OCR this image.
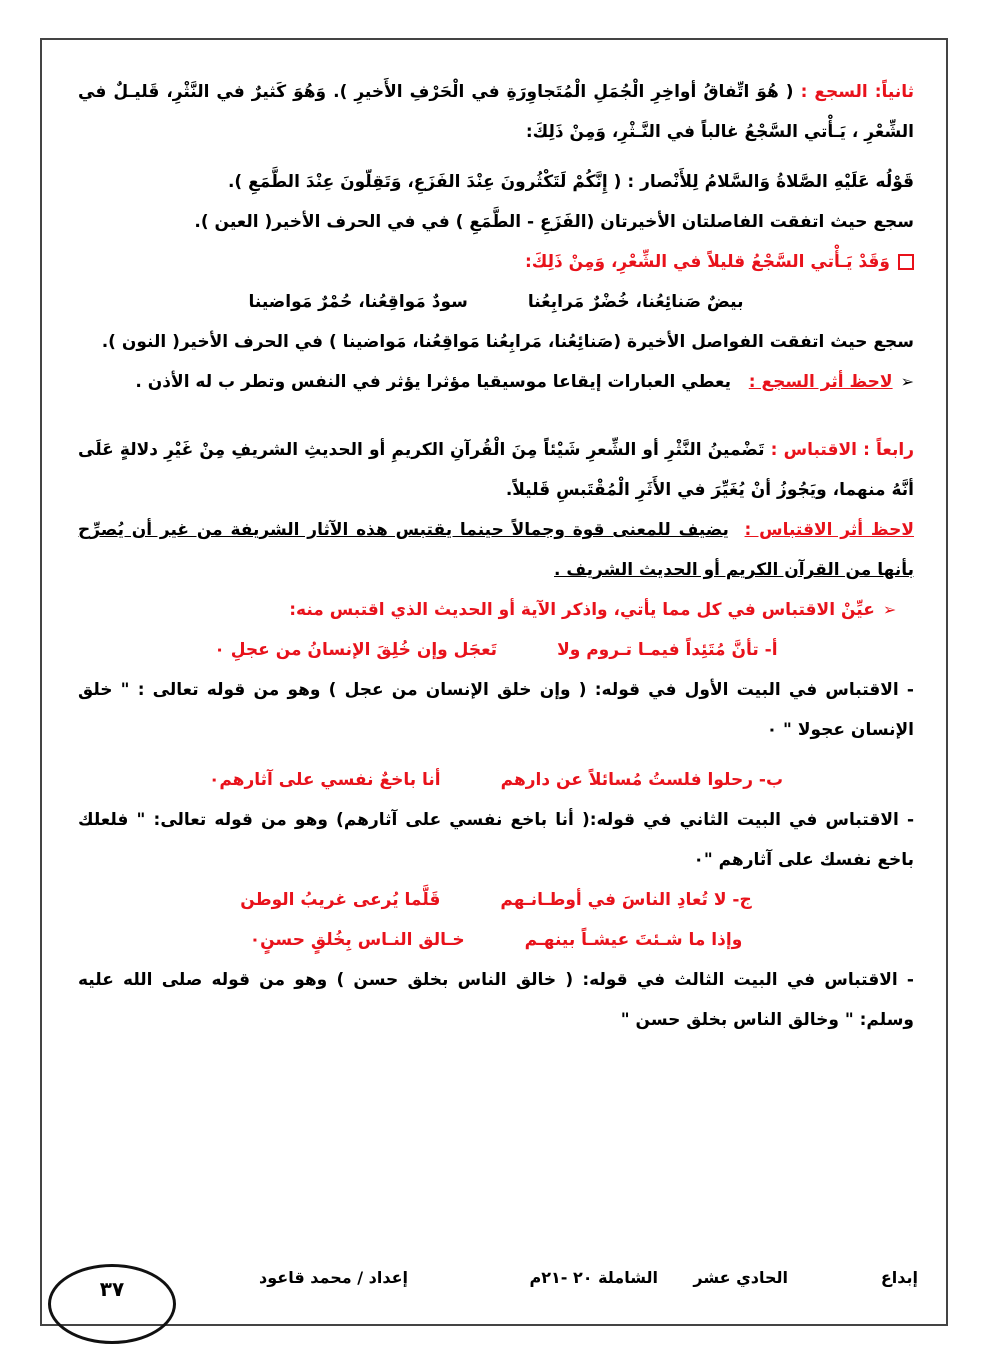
ثانياً: السجع : ( هُوَ اتِّفاقُ أواخِرِ الْجُمَلِ الْمُتَجاوِرَةِ في الْحَرْفِ الأَخيرِ ). وَهُوَ كَثيرٌ في النَّثْرِ، قَليـلٌ في الشِّعْرِ ، يَـأْتي السَّجْعُ غالباً في النَّـثْرِ، وَمِنْ ذَلِكَ:

قَوْلُه عَلَيْهِ الصَّلاةُ وَالسَّلامُ لِلأَنْصار : ( إِنَّكُمْ لَتَكْثُرونَ عِنْدَ الفَزَعِ، وَتَقِلّونَ عِنْدَ الطَّمَعِ ).

سجع حيث اتفقت الفاصلتان الأخيرتان (الفَزَعِ - الطَّمَعِ ) في في الحرف الأخير( العين ).

وَقَدْ يَـأْتي السَّجْعُ قليلاً في الشِّعْرِ، وَمِنْ ذَلِكَ:

بيضٌ صَنائِعُنا، خُضْرٌ مَرابِعُنا
سودٌ مَواقِعُنا، حُمْرٌ مَواضينا

سجع حيث اتفقت الفواصل الأخيرة (صَنائِعُنا، مَرابِعُنا مَواقِعُنا، مَواضينا ) في الحرف الأخير( النون ).

➢لاحظ أثر السجع :   يعطي العبارات إيقاعا موسيقيا مؤثرا يؤثر في النفس وتطر ب له الأذن .

رابعاً : الاقتباس : تَضْمينُ النَّثْرِ أو الشِّعرِ شَيْئاً مِنَ الْقُرآنِ الكريمِ أو الحديثِ الشريفِ مِنْ غَيْرِ دلالةٍ عَلَى أنَّهُ منهما، ويَجُوزُ أنْ يُغَيِّرَ في الأَثَرِ الْمُقْتَبسِ قَليلاً.

لاحظ أثر الاقتباس :  يضيف للمعنى قوة وجمالاً حينما يقتبس هذه الآثار الشريفة من غير أن يُصرِّح بأنها من القرآن الكريم أو الحديث الشريف .

➢عيِّنْ الاقتباس في كل مما يأتي، واذكر الآية أو الحديث الذي اقتبس منه:

أ- تأنَّ مُتَئِداً فيمـا تـروم ولا
تَعجَل وإن خُلِقَ الإنسانُ من عجلِ ٠

- الاقتباس في البيت الأول في قوله: ( وإن خلق الإنسان من عجل ) وهو من قوله تعالى : " خلق الإنسان عجولا " ٠

ب- رحلوا فلستُ مُسائلاً عن دارهم
أنا باخعٌ نفسي على آثارهم٠

- الاقتباس في البيت الثاني في قوله:( أنا باخع نفسي على آثارهم) وهو من قوله تعالى: " فلعلك باخع نفسك على آثارهم "٠

ج- لا تُعادِ الناسَ في أوطـانـهم
قَلَّما يُرعى غريبُ الوطن
وإذا ما شـئتَ عيشـاً بينهـم
خـالق النـاس بِخُلقٍ حسنٍ٠

- الاقتباس في البيت الثالث في قوله: ( خالق الناس بخلق حسن ) وهو من قوله صلى الله عليه وسلم: " وخالق الناس بخلق حسن "

إبداع
الحادي عشر
الشاملة ٢٠ -٢١م
إعداد / محمد قاعود
٣٧
